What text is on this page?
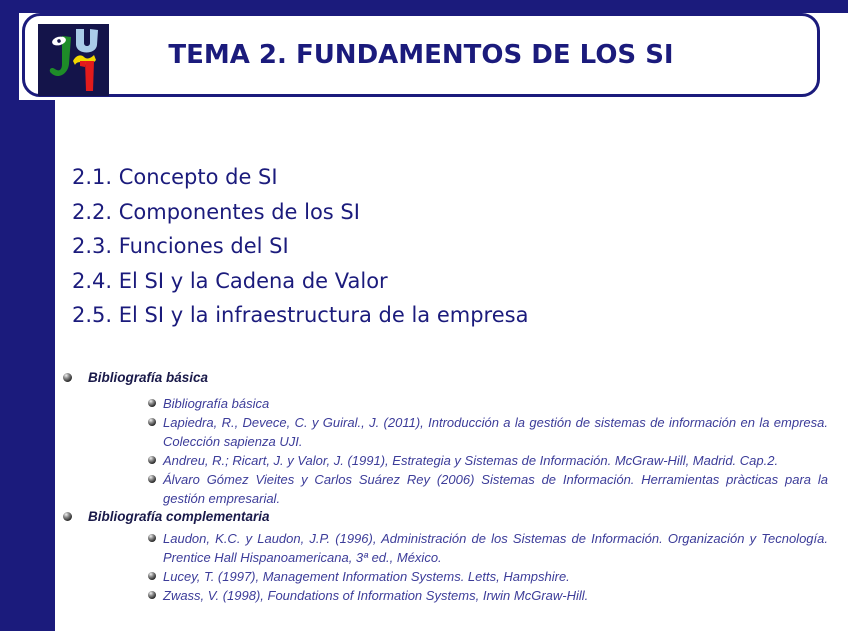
TEMA 2. FUNDAMENTOS DE LOS SI
2.1. Concepto de SI
2.2. Componentes de los SI
2.3. Funciones del SI
2.4. El SI y la Cadena de Valor
2.5. El SI y la infraestructura de la empresa
Bibliografía básica
Bibliografía básica
Lapiedra, R., Devece, C. y Guiral., J. (2011), Introducción a la gestión de sistemas de información en la empresa. Colección sapienza UJI.
Andreu, R.; Ricart, J. y Valor, J. (1991), Estrategia y Sistemas de Información. McGraw-Hill, Madrid. Cap.2.
Álvaro Gómez Vieites y Carlos Suárez Rey (2006) Sistemas de Información. Herramientas pràcticas para la gestión empresarial.
Bibliografía complementaria
Laudon, K.C. y Laudon, J.P. (1996), Administración de los Sistemas de Información. Organización y Tecnología. Prentice Hall Hispanoamericana, 3ª ed., México.
Lucey, T. (1997), Management Information Systems. Letts, Hampshire.
Zwass, V. (1998), Foundations of Information Systems, Irwin McGraw-Hill.
